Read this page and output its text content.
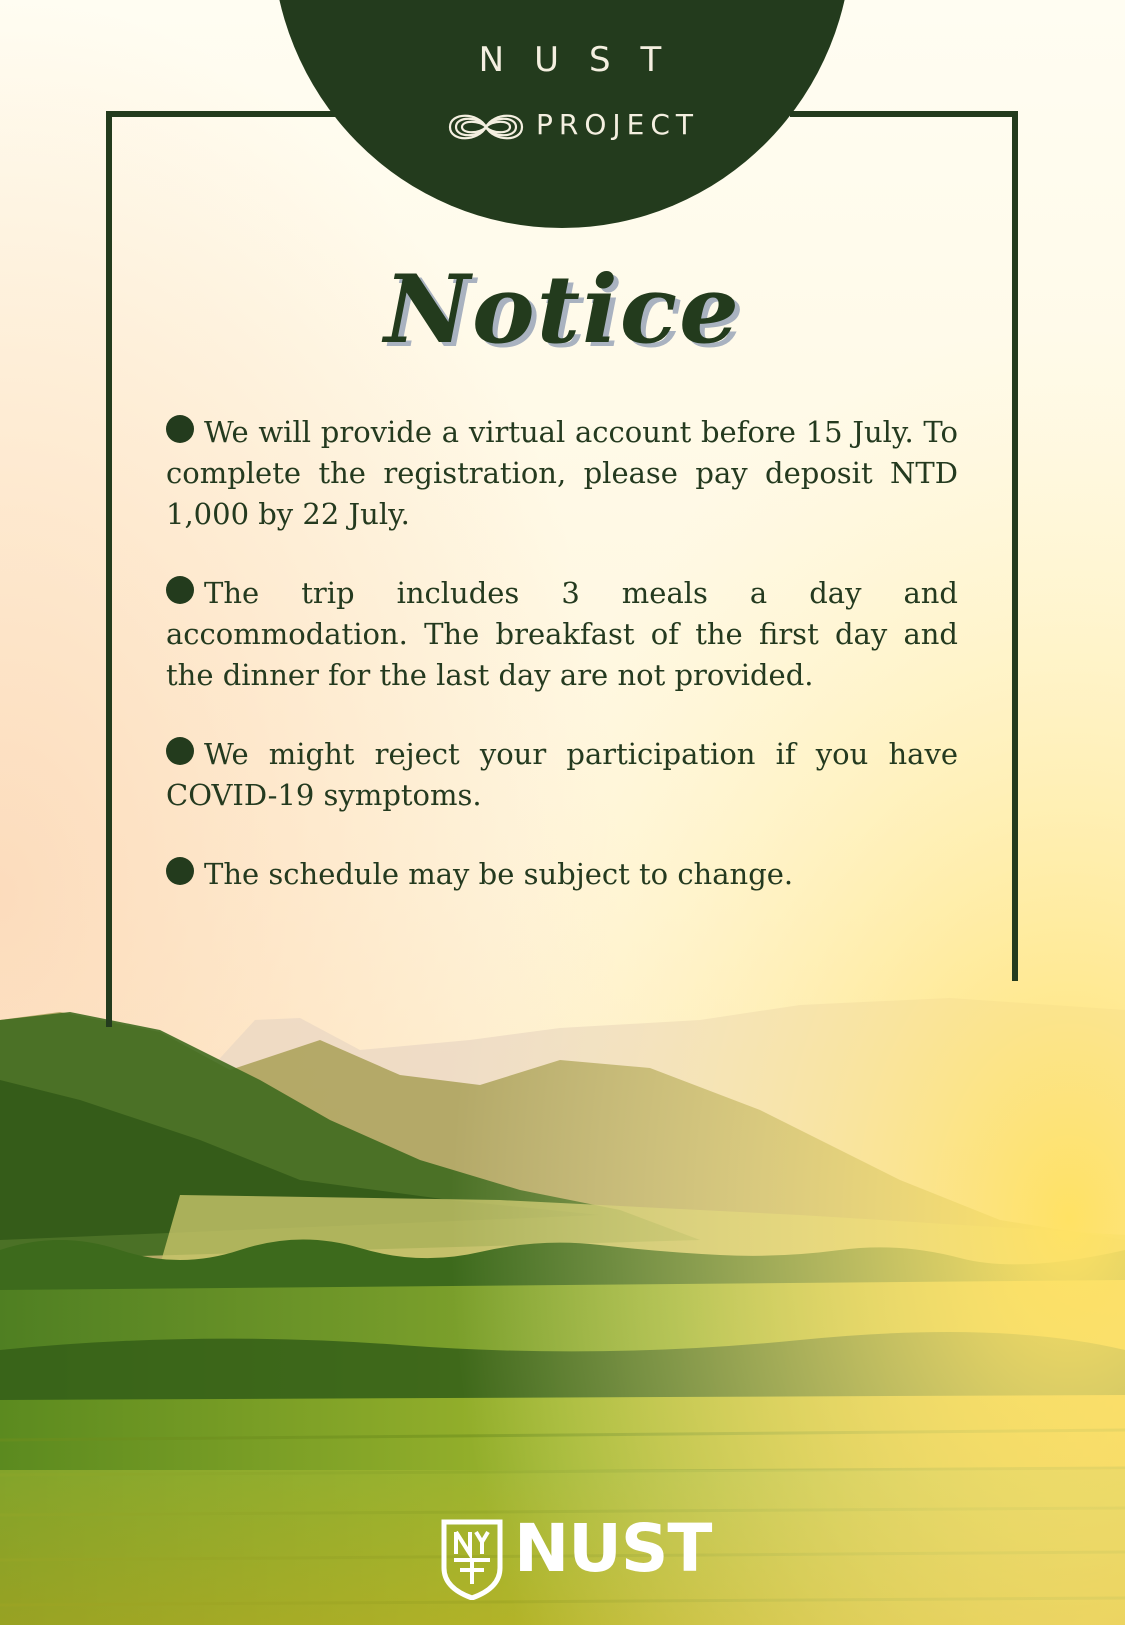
NUST
PROJECT
Notice
We will provide a virtual account before 15 July. To complete the registration, please pay deposit NTD 1,000 by 22 July.
The trip includes 3 meals a day and accommodation. The breakfast of the first day and the dinner for the last day are not provided.
We might reject your participation if you have COVID-19 symptoms.
The schedule may be subject to change.
NUST
